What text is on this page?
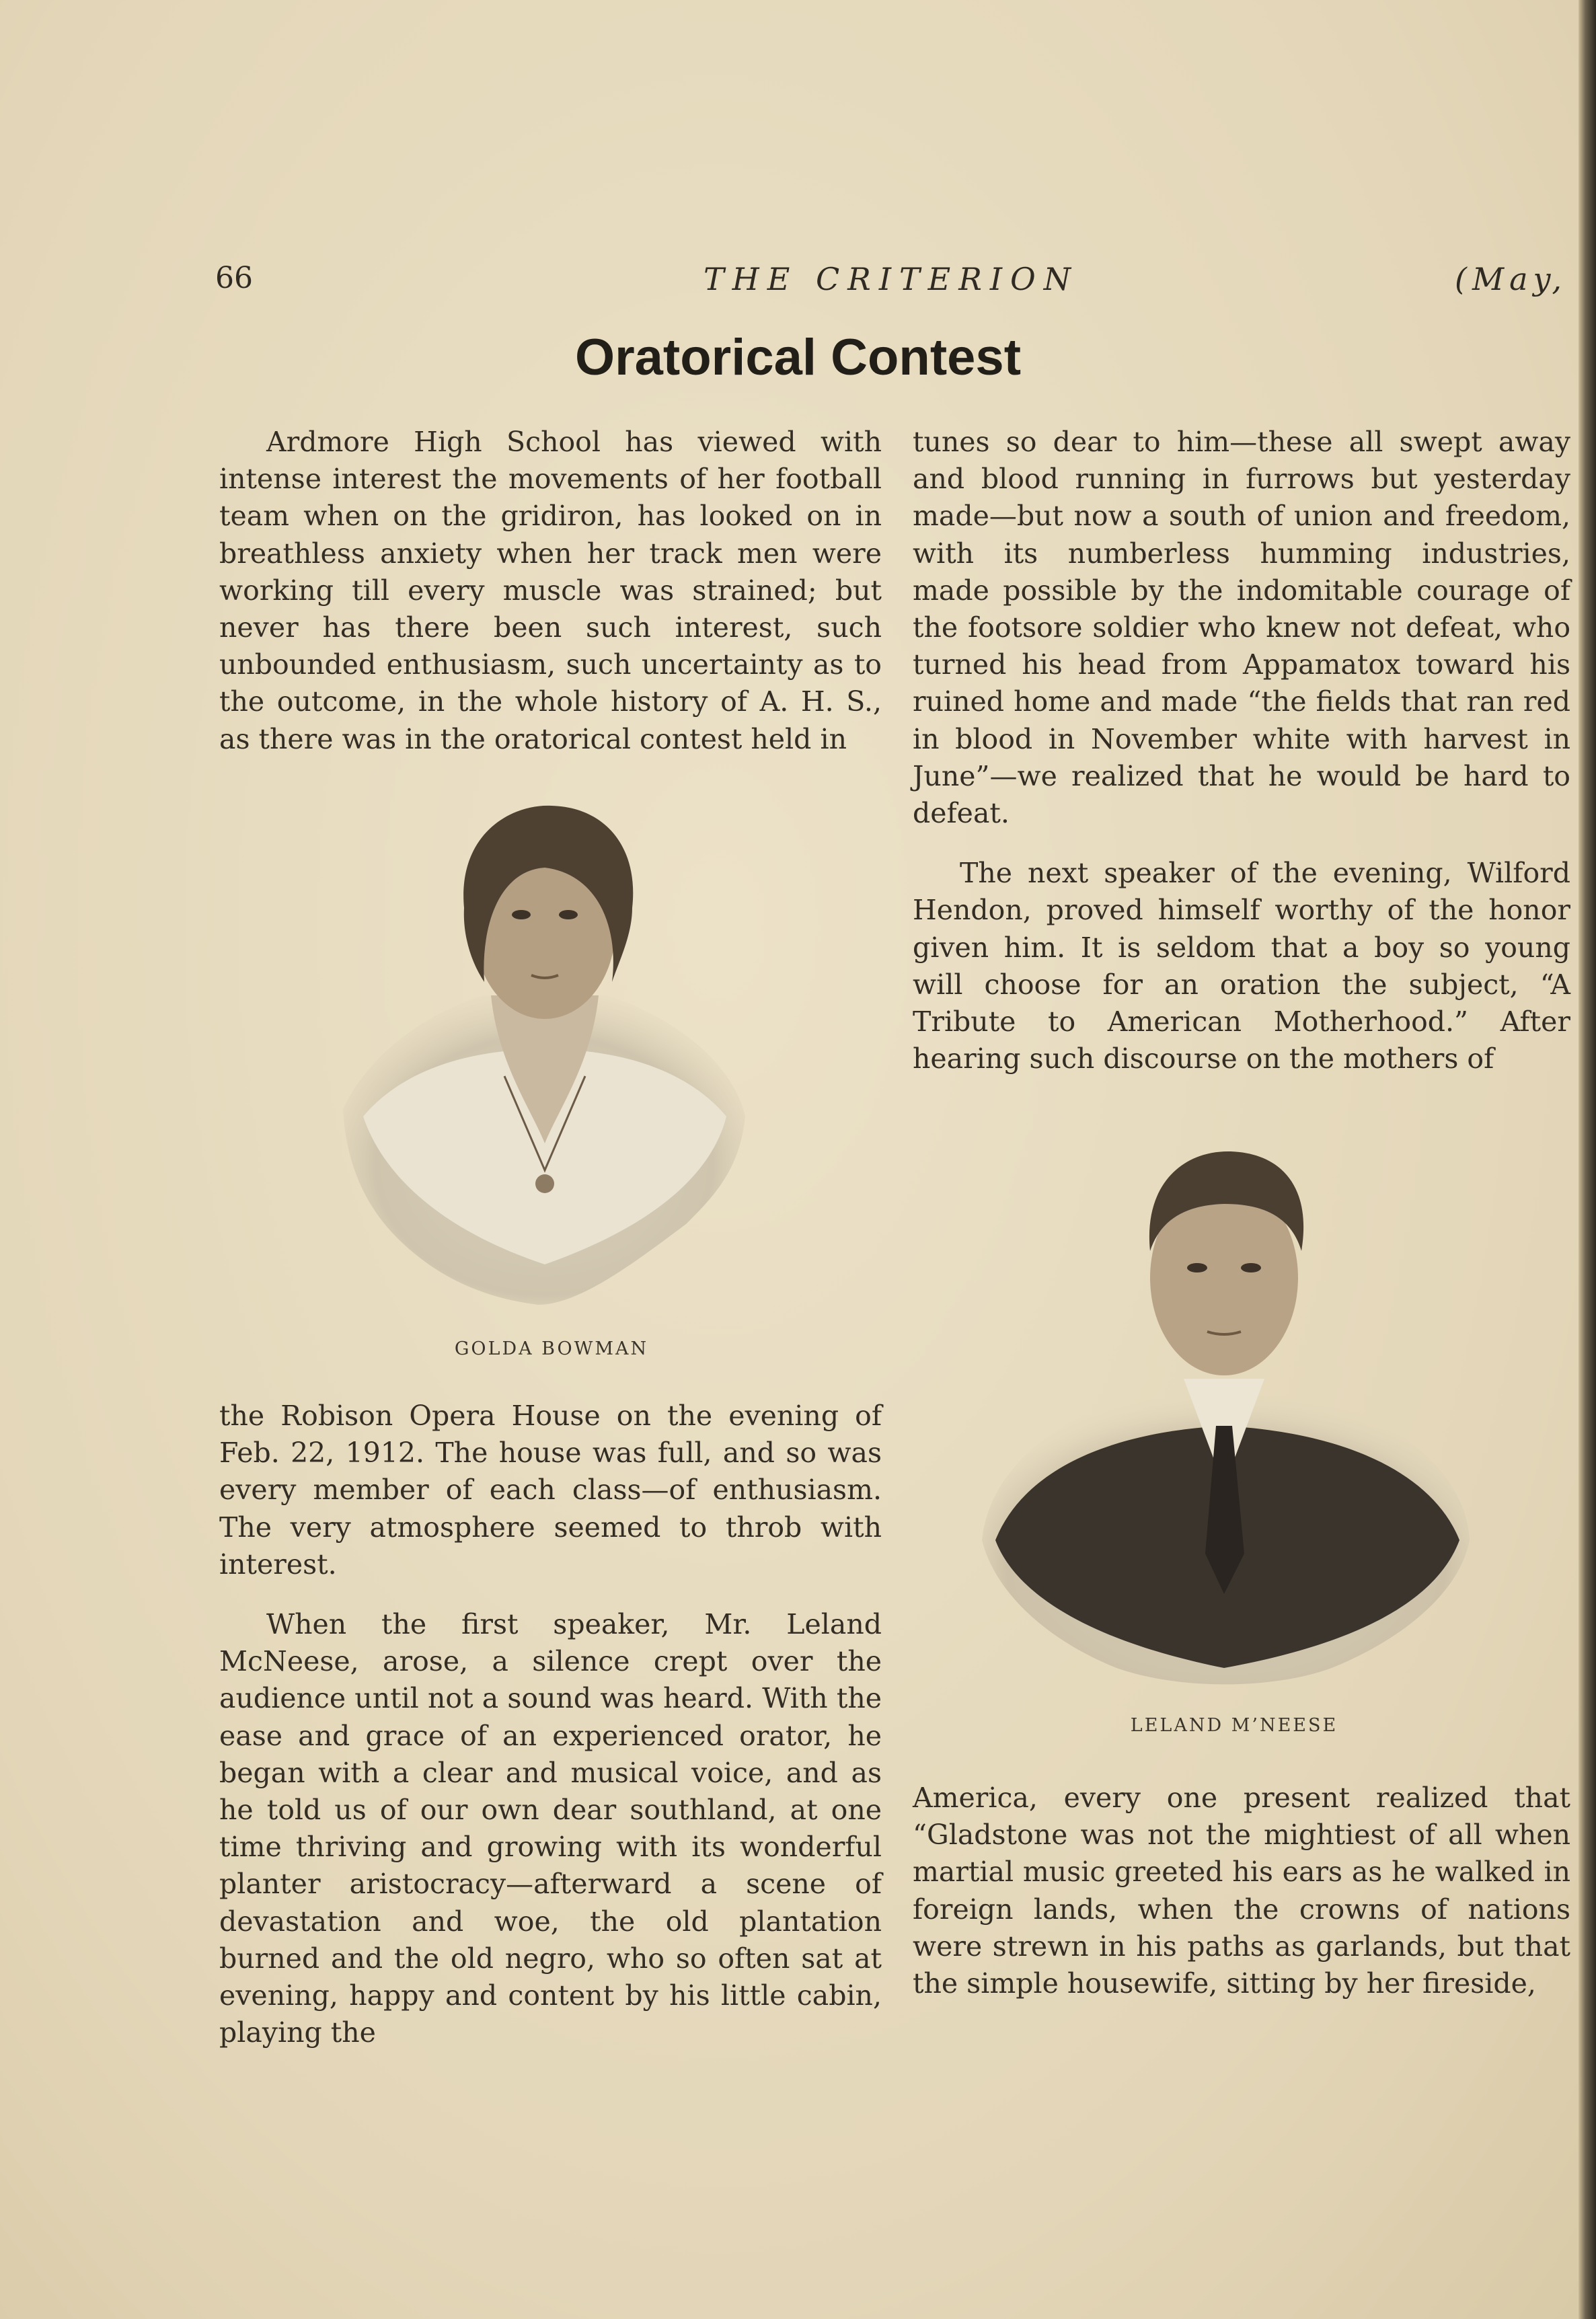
66	THE CRITERION	(May,
Oratorical Contest

Ardmore High School has viewed with intense interest the movements of her football team when on the gridiron, has looked on in breathless anxiety when her track men were working till every muscle was strained; but never has there been such interest, such unbounded enthusiasm, such uncertainty as to the outcome, in the whole history of A. H. S., as there was in the oratorical contest held in

GOLDA BOWMAN

the Robison Opera House on the evening of Feb. 22, 1912. The house was full, and so was every member of each class—of enthusiasm. The very atmosphere seemed to throb with interest.

When the first speaker, Mr. Leland McNeese, arose, a silence crept over the audience until not a sound was heard. With the ease and grace of an experienced orator, he began with a clear and musical voice, and as he told us of our own dear southland, at one time thriving and growing with its wonderful planter aristocracy—afterward a scene of devastation and woe, the old plantation burned and the old negro, who so often sat at evening, happy and content by his little cabin, playing the

tunes so dear to him—these all swept away and blood running in furrows but yesterday made—but now a south of union and freedom, with its numberless humming industries, made possible by the indomitable courage of the footsore soldier who knew not defeat, who turned his head from Appamatox toward his ruined home and made “the fields that ran red in blood in November white with harvest in June”—we realized that he would be hard to defeat.

The next speaker of the evening, Wilford Hendon, proved himself worthy of the honor given him. It is seldom that a boy so young will choose for an oration the subject, “A Tribute to American Motherhood.” After hearing such discourse on the mothers of

LELAND M’NEESE

America, every one present realized that “Gladstone was not the mightiest of all when martial music greeted his ears as he walked in foreign lands, when the crowns of nations were strewn in his paths as garlands, but that the simple housewife, sitting by her fireside,
